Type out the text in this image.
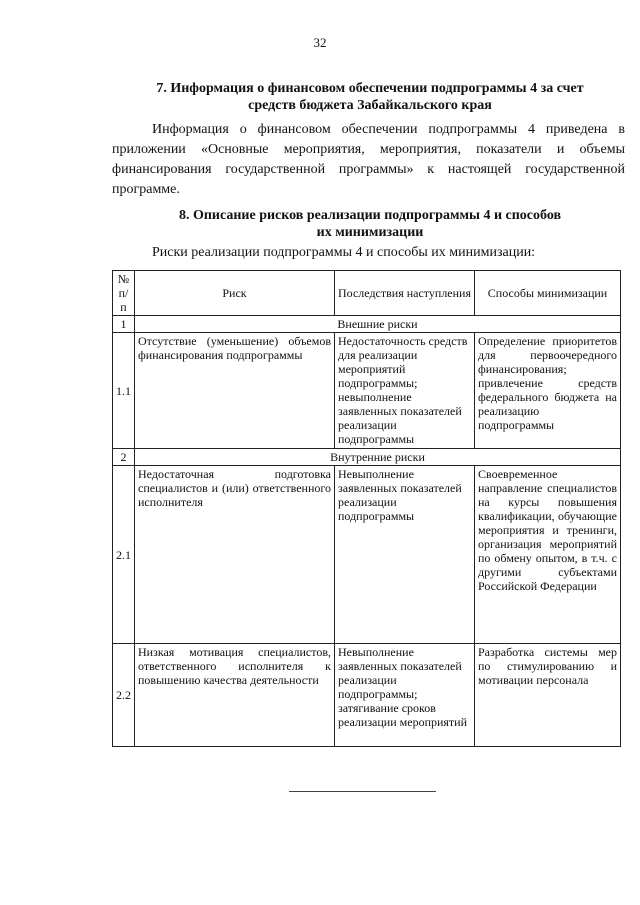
32
7. Информация о финансовом обеспечении подпрограммы 4 за счет
средств бюджета Забайкальского края
Информация о финансовом обеспечении подпрограммы 4 приведена в приложении «Основные мероприятия, мероприятия, показатели и объемы финансирования государственной программы» к настоящей государственной программе.
8. Описание рисков реализации подпрограммы 4 и способов
их минимизации
Риски реализации подпрограммы 4 и способы их минимизации:
№ п/п	Риск	Последствия наступления	Способы минимизации
1	Внешние риски		
1.1	Отсутствие (уменьшение) объемов финансирования подпрограммы	Недостаточность средств для реализации мероприятий подпрограммы; невыполнение заявленных показателей реализации подпрограммы	Определение приоритетов для первоочередного финансирования; привлечение средств федерального бюджета на реализацию подпрограммы
2	Внутренние риски		
2.1	Недостаточная подготовка специалистов и (или) ответственного исполнителя	Невыполнение заявленных показателей реализации подпрограммы	Своевременное направление специалистов на курсы повышения квалификации, обучающие мероприятия и тренинги, организация мероприятий по обмену опытом, в т.ч. с другими субъектами Российской Федерации
2.2	Низкая мотивация специалистов, ответственного исполнителя к повышению качества деятельности	Невыполнение заявленных показателей реализации подпрограммы; затягивание сроков реализации мероприятий	Разработка системы мер по стимулированию и мотивации персонала
